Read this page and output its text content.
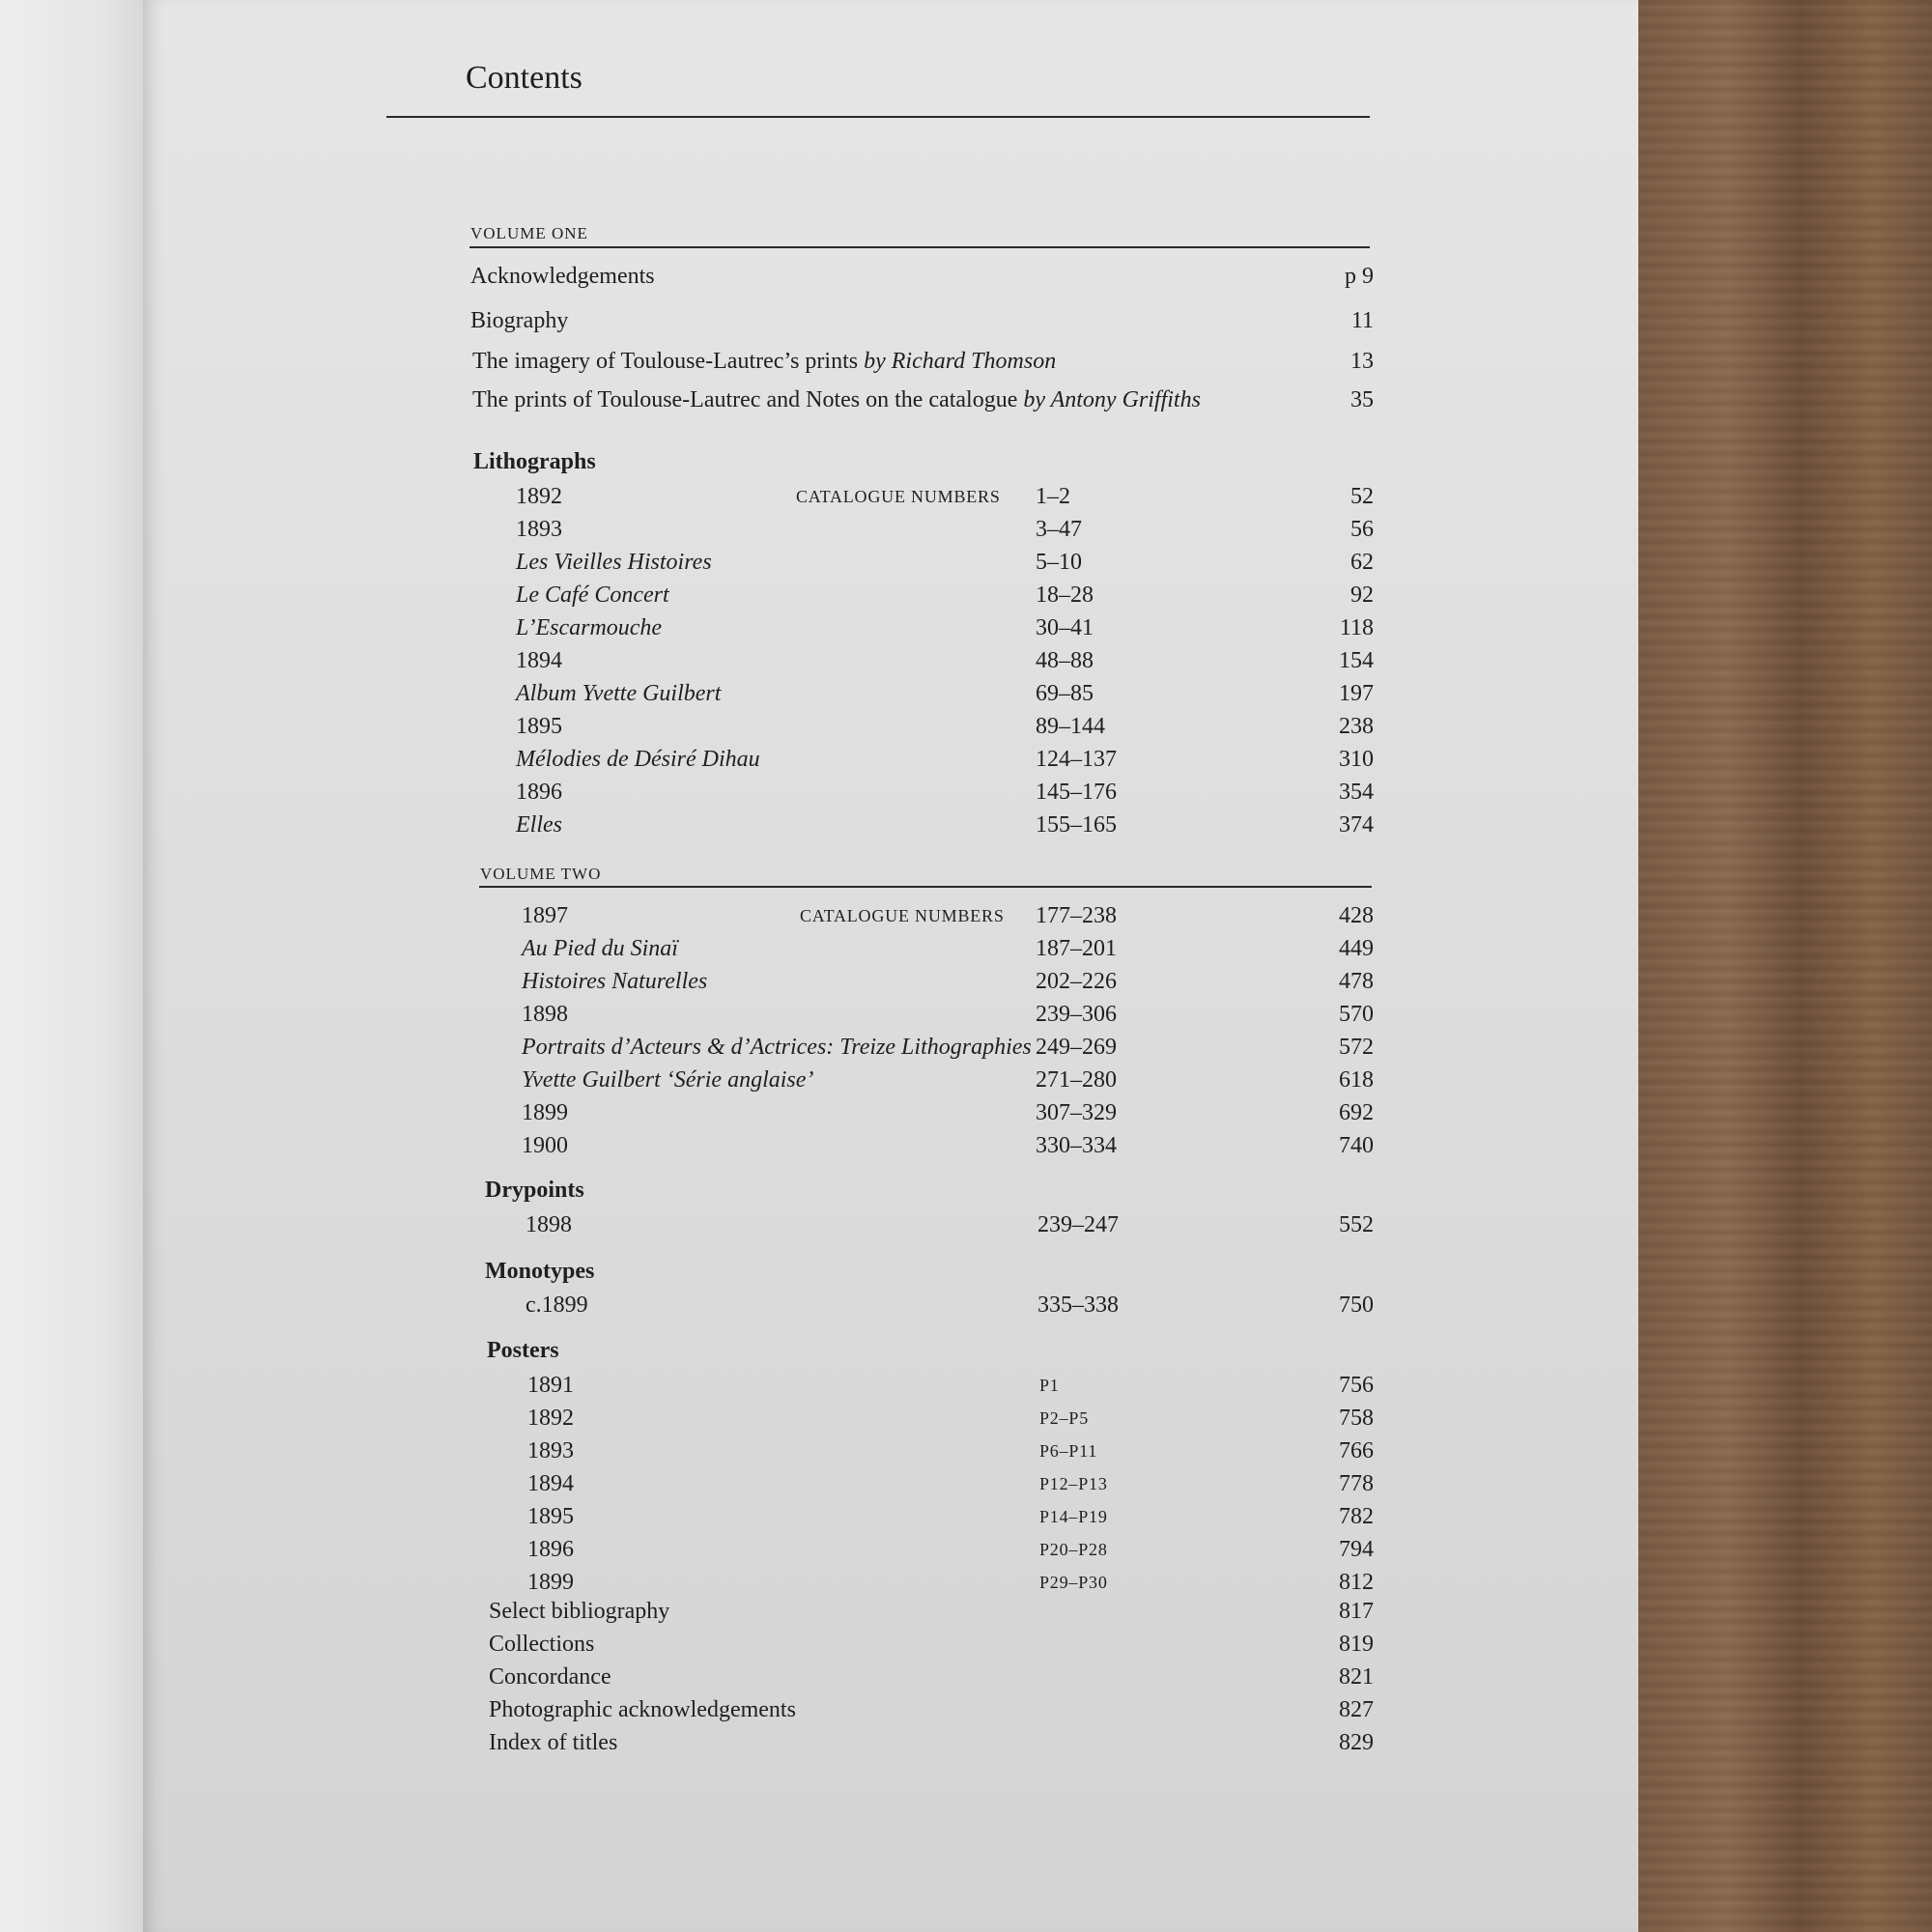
Contents
VOLUME ONE
VOLUME TWO
Acknowledgements	p 9
Biography	11
The imagery of Toulouse-Lautrec’s prints by Richard Thomson	13
The prints of Toulouse-Lautrec and Notes on the catalogue by Antony Griffiths	35
Lithographs
1892	CATALOGUE NUMBERS 1–2	52
1893	3–47	56
Les Vieilles Histoires	5–10	62
Le Café Concert	18–28	92
L’Escarmouche	30–41	118
1894	48–88	154
Album Yvette Guilbert	69–85	197
1895	89–144	238
Mélodies de Désiré Dihau	124–137	310
1896	145–176	354
Elles	155–165	374
1897	CATALOGUE NUMBERS 177–238	428
Au Pied du Sinaï	187–201	449
Histoires Naturelles	202–226	478
1898	239–306	570
Portraits d’Acteurs & d’Actrices: Treize Lithographies 249–269	572
Yvette Guilbert ‘Série anglaise’	271–280	618
1899	307–329	692
1900	330–334	740
Drypoints
1898	239–247	552
Monotypes
c.1899	335–338	750
Posters
1891	P1	756
1892	P2–P5	758
1893	P6–P11	766
1894	P12–P13	778
1895	P14–P19	782
1896	P20–P28	794
1899	P29–P30	812
Select bibliography	817
Collections	819
Concordance	821
Photographic acknowledgements	827
Index of titles	829
